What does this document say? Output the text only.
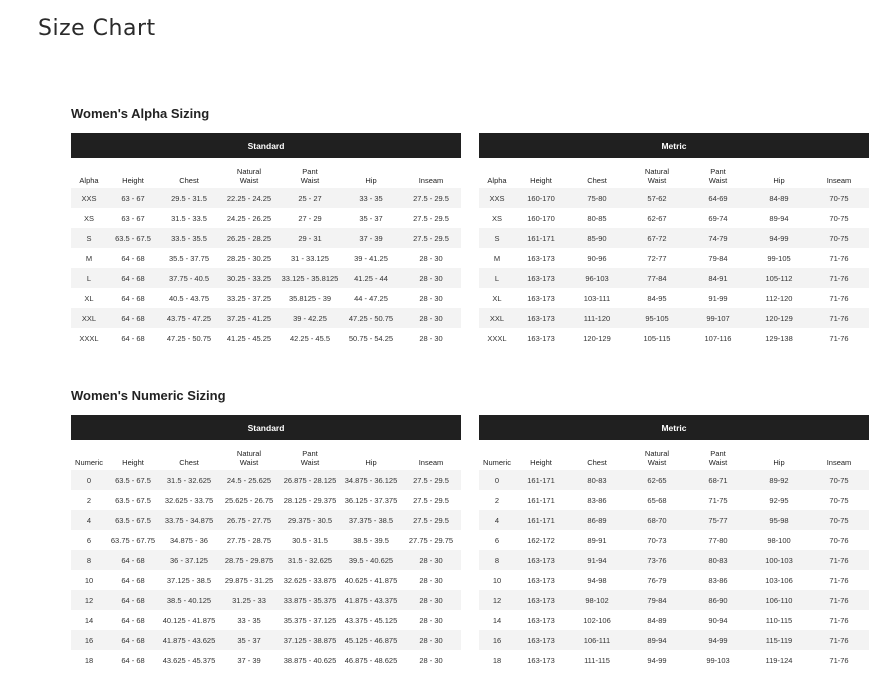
Size Chart
Women's Alpha Sizing
Standard
Alpha	Height	Chest
Natural
Waist
Pant
Waist	Hip	Inseam
XXS	63 - 67	29.5 - 31.5	22.25 - 24.25	25 - 27	33 - 35	27.5 - 29.5
XS	63 - 67	31.5 - 33.5	24.25 - 26.25	27 - 29	35 - 37	27.5 - 29.5
S	63.5 - 67.5	33.5 - 35.5	26.25 - 28.25	29 - 31	37 - 39	27.5 - 29.5
M	64 - 68	35.5 - 37.75	28.25 - 30.25	31 - 33.125	39 - 41.25	28 - 30
L	64 - 68	37.75 - 40.5	30.25 - 33.25	33.125 - 35.8125	41.25 - 44	28 - 30
XL	64 - 68	40.5 - 43.75	33.25 - 37.25	35.8125 - 39	44 - 47.25	28 - 30
XXL	64 - 68	43.75 - 47.25	37.25 - 41.25	39 - 42.25	47.25 - 50.75	28 - 30
XXXL	64 - 68	47.25 - 50.75	41.25 - 45.25	42.25 - 45.5	50.75 - 54.25	28 - 30
Metric
Alpha	Height	Chest
Natural
Waist
Pant
Waist	Hip	Inseam
XXS	160-170	75-80	57-62	64-69	84-89	70-75
XS	160-170	80-85	62-67	69-74	89-94	70-75
S	161-171	85-90	67-72	74-79	94-99	70-75
M	163-173	90-96	72-77	79-84	99-105	71-76
L	163-173	96-103	77-84	84-91	105-112	71-76
XL	163-173	103-111	84-95	91-99	112-120	71-76
XXL	163-173	111-120	95-105	99-107	120-129	71-76
XXXL	163-173	120-129	105-115	107-116	129-138	71-76
Women's Numeric Sizing
Standard
Numeric	Height	Chest
Natural
Waist
Pant
Waist	Hip	Inseam
0	63.5 - 67.5	31.5 - 32.625	24.5 - 25.625	26.875 - 28.125	34.875 - 36.125	27.5 - 29.5
2	63.5 - 67.5	32.625 - 33.75	25.625 - 26.75	28.125 - 29.375	36.125 - 37.375	27.5 - 29.5
4	63.5 - 67.5	33.75 - 34.875	26.75 - 27.75	29.375 - 30.5	37.375 - 38.5	27.5 - 29.5
6	63.75 - 67.75	34.875 - 36	27.75 - 28.75	30.5 - 31.5	38.5 - 39.5	27.75 - 29.75
8	64 - 68	36 - 37.125	28.75 - 29.875	31.5 - 32.625	39.5 - 40.625	28 - 30
10	64 - 68	37.125 - 38.5	29.875 - 31.25	32.625 - 33.875	40.625 - 41.875	28 - 30
12	64 - 68	38.5 - 40.125	31.25 - 33	33.875 - 35.375	41.875 - 43.375	28 - 30
14	64 - 68	40.125 - 41.875	33 - 35	35.375 - 37.125	43.375 - 45.125	28 - 30
16	64 - 68	41.875 - 43.625	35 - 37	37.125 - 38.875	45.125 - 46.875	28 - 30
18	64 - 68	43.625 - 45.375	37 - 39	38.875 - 40.625	46.875 - 48.625	28 - 30
Metric
Numeric	Height	Chest
Natural
Waist
Pant
Waist	Hip	Inseam
0	161-171	80-83	62-65	68-71	89-92	70-75
2	161-171	83-86	65-68	71-75	92-95	70-75
4	161-171	86-89	68-70	75-77	95-98	70-75
6	162-172	89-91	70-73	77-80	98-100	70-76
8	163-173	91-94	73-76	80-83	100-103	71-76
10	163-173	94-98	76-79	83-86	103-106	71-76
12	163-173	98-102	79-84	86-90	106-110	71-76
14	163-173	102-106	84-89	90-94	110-115	71-76
16	163-173	106-111	89-94	94-99	115-119	71-76
18	163-173	111-115	94-99	99-103	119-124	71-76
